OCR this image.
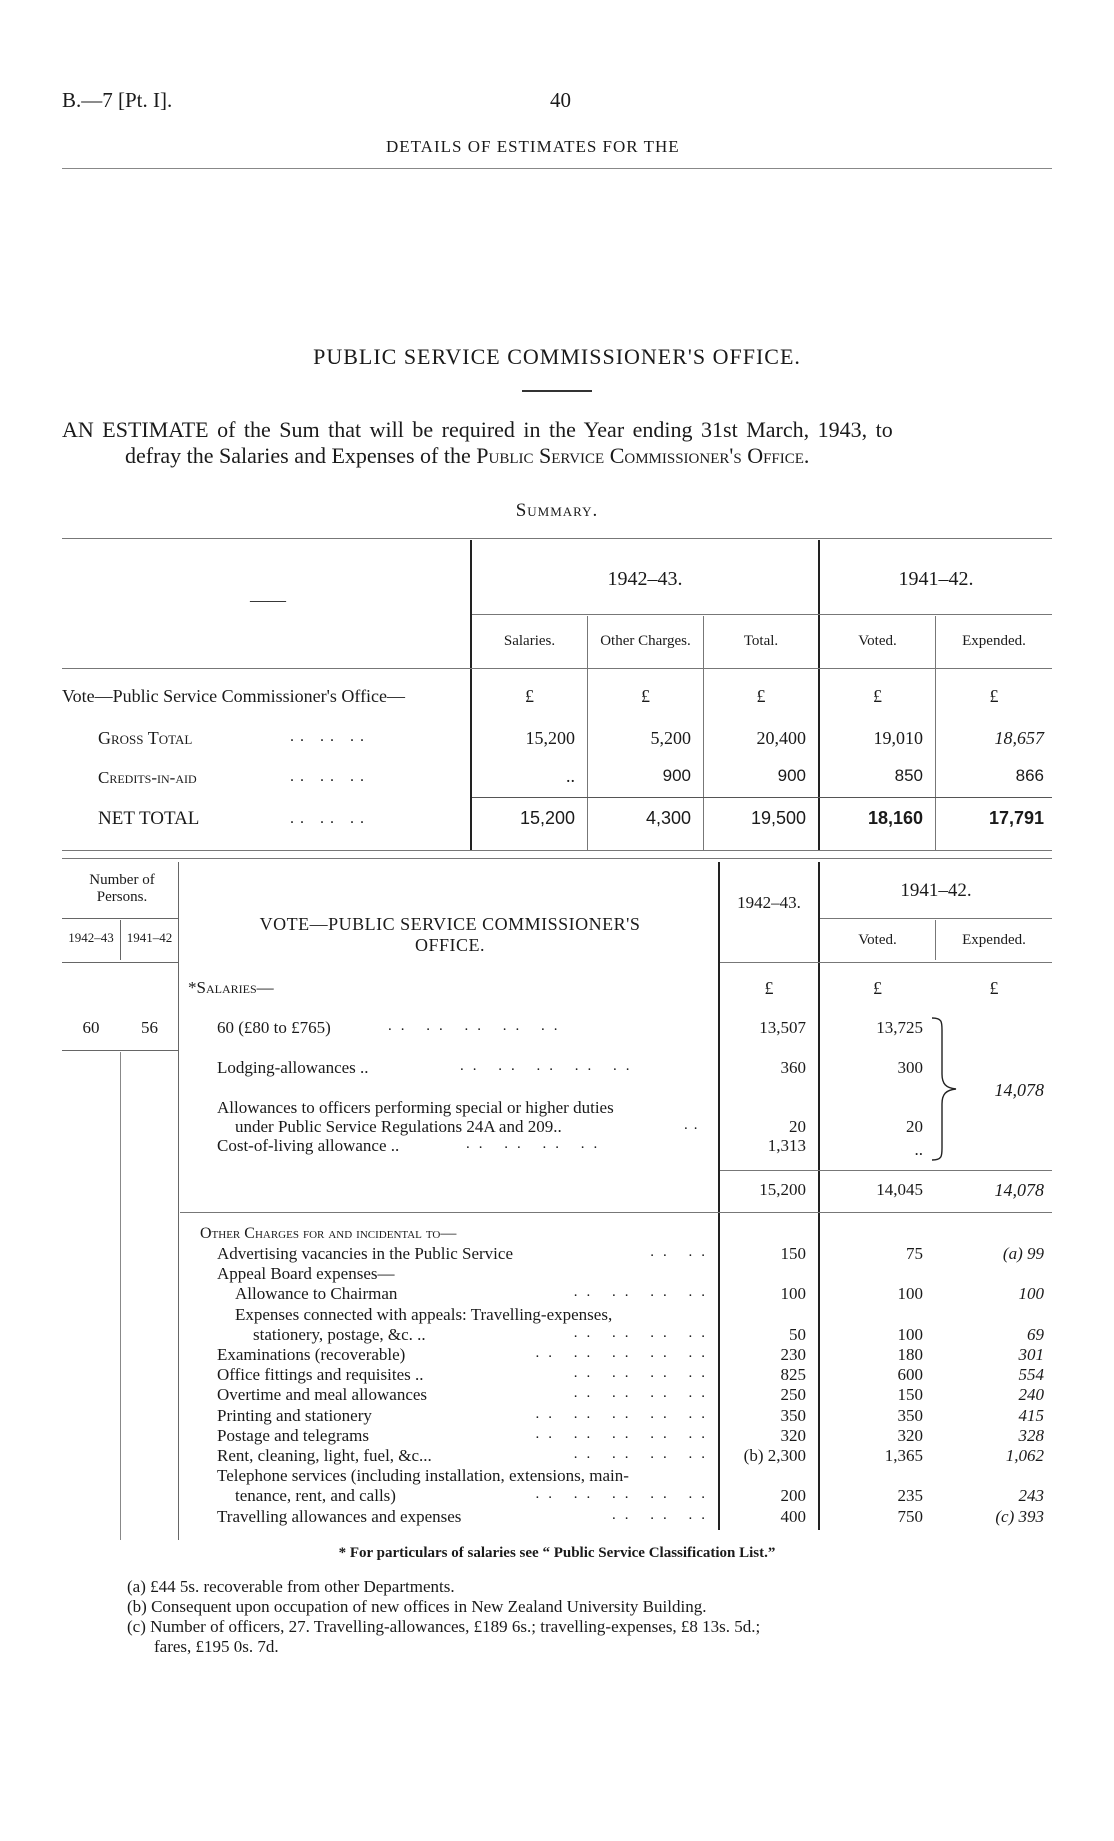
B.—7 [Pt. I].	40
DETAILS OF ESTIMATES FOR THE
PUBLIC SERVICE COMMISSIONER'S OFFICE.
AN ESTIMATE of the Sum that will be required in the Year ending 31st March, 1943, to
defray the Salaries and Expenses of the Public Service Commissioner's Office.
Summary.
——
1942–43.	1941–42.
Salaries.	Other Charges.	Total.	Voted.	Expended.
Vote—Public Service Commissioner's Office—	£	£	£	£	£
Gross Total	.. .. ..	15,200	5,200	20,400	19,010	18,657
Credits-in-aid	.. .. ..	..	900	900	850	866
NET TOTAL	.. .. ..	15,200	4,300	19,500	18,160	17,791
Number of Persons.
1942–43	1941–42
VOTE—PUBLIC SERVICE COMMISSIONER'S OFFICE.
1942–43.
1941–42.
Voted.	Expended.
*Salaries—	£	£	£
60	56	60 (£80 to £765)	.. .. .. .. ..	13,507	13,725
Lodging-allowances ..	.. .. .. .. ..	360	300
Allowances to officers performing special or higher duties
under Public Service Regulations 24A and 209..	..	20	20
Cost-of-living allowance ..	.. .. .. ..	1,313	..
14,078
15,200	14,045	14,078
Other Charges for and incidental to—
Advertising vacancies in the Public Service	.. ..	150	75	(a) 99
Appeal Board expenses—
Allowance to Chairman	.. .. .. ..	100	100	100
Expenses connected with appeals: Travelling-expenses,
stationery, postage, &c. ..	.. .. .. ..	50	100	69
Examinations (recoverable)	.. .. .. .. ..	230	180	301
Office fittings and requisites ..	.. .. .. ..	825	600	554
Overtime and meal allowances	.. .. .. ..	250	150	240
Printing and stationery	.. .. .. .. ..	350	350	415
Postage and telegrams	.. .. .. .. ..	320	320	328
Rent, cleaning, light, fuel, &c...	.. .. .. ..	(b) 2,300	1,365	1,062
Telephone services (including installation, extensions, main-
tenance, rent, and calls)	.. .. .. .. ..	200	235	243
Travelling allowances and expenses	.. .. ..	400	750	(c) 393
* For particulars of salaries see “ Public Service Classification List.”
(a) £44 5s. recoverable from other Departments.
(b) Consequent upon occupation of new offices in New Zealand University Building.
(c) Number of officers, 27. Travelling-allowances, £189 6s.; travelling-expenses, £8 13s. 5d.;
fares, £195 0s. 7d.
